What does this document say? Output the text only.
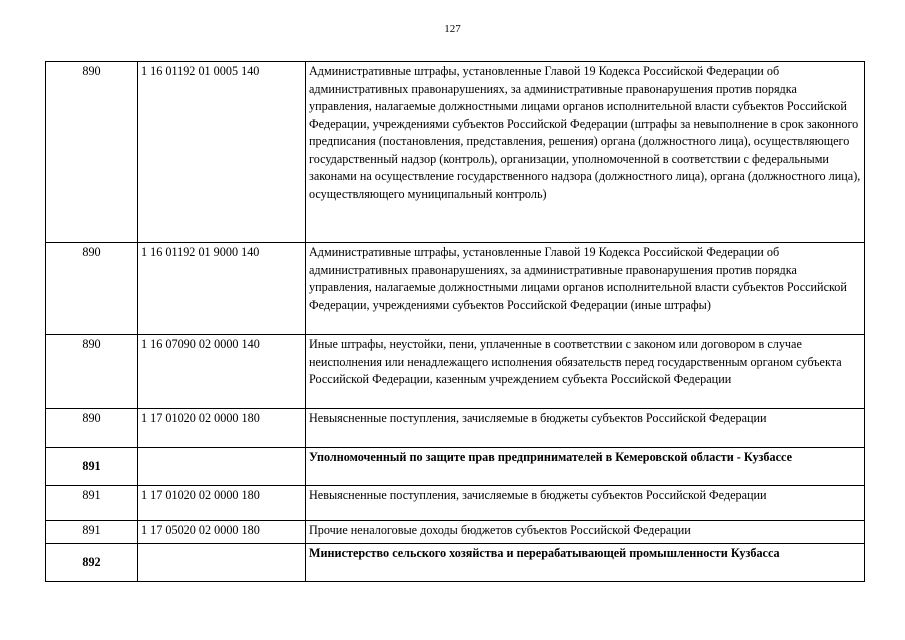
127
890	1 16 01192 01 0005 140	Административные штрафы, установленные Главой 19 Кодекса Российской Федерации об административных правонарушениях, за административные правонарушения против порядка управления, налагаемые должностными лицами органов исполнительной власти субъектов Российской Федерации, учреждениями субъектов Российской Федерации (штрафы за невыполнение в срок законного предписания (постановления, представления, решения) органа (должностного лица), осуществляющего государственный надзор (контроль), организации, уполномоченной в соответствии с федеральными законами на осуществление государственного надзора (должностного лица), органа (должностного лица), осуществляющего муниципальный контроль)
890	1 16 01192 01 9000 140	Административные штрафы, установленные Главой 19 Кодекса Российской Федерации об административных правонарушениях, за административные правонарушения против порядка управления, налагаемые должностными лицами органов исполнительной власти субъектов Российской Федерации, учреждениями субъектов Российской Федерации (иные штрафы)
890	1 16 07090 02 0000 140	Иные штрафы, неустойки, пени, уплаченные в соответствии с законом или договором в случае неисполнения или ненадлежащего исполнения обязательств перед государственным органом субъекта Российской Федерации, казенным учреждением субъекта Российской Федерации
890	1 17 01020 02 0000 180	Невыясненные поступления, зачисляемые в бюджеты субъектов Российской Федерации
891		Уполномоченный по защите прав предпринимателей в Кемеровской области - Кузбассе
891	1 17 01020 02 0000 180	Невыясненные поступления, зачисляемые в бюджеты субъектов Российской Федерации
891	1 17 05020 02 0000 180	Прочие неналоговые доходы бюджетов субъектов Российской Федерации
892		Министерство сельского хозяйства и перерабатывающей промышленности Кузбасса
